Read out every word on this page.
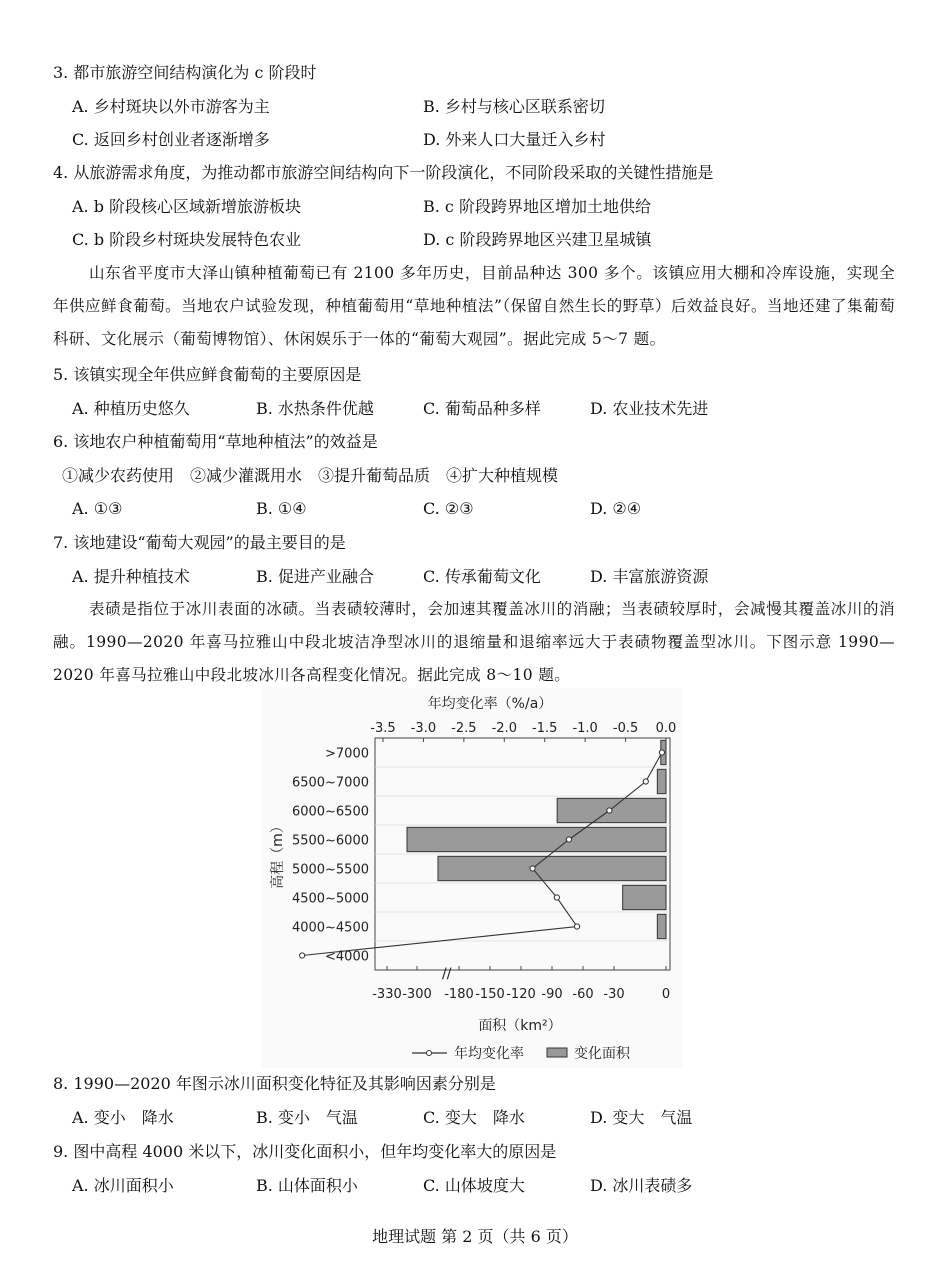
3. 都市旅游空间结构演化为 c 阶段时
A. 乡村斑块以外市游客为主	B. 乡村与核心区联系密切
C. 返回乡村创业者逐渐增多	D. 外来人口大量迁入乡村
4. 从旅游需求角度，为推动都市旅游空间结构向下一阶段演化，不同阶段采取的关键性措施是
A. b 阶段核心区域新增旅游板块	B. c 阶段跨界地区增加土地供给
C. b 阶段乡村斑块发展特色农业	D. c 阶段跨界地区兴建卫星城镇
山东省平度市大泽山镇种植葡萄已有 2100 多年历史，目前品种达 300 多个。该镇应用大棚和冷库设施，实现全年供应鲜食葡萄。当地农户试验发现，种植葡萄用“草地种植法”（保留自然生长的野草）后效益良好。当地还建了集葡萄科研、文化展示（葡萄博物馆）、休闲娱乐于一体的“葡萄大观园”。据此完成 5～7 题。
5. 该镇实现全年供应鲜食葡萄的主要原因是
A. 种植历史悠久	B. 水热条件优越	C. 葡萄品种多样	D. 农业技术先进
6. 该地农户种植葡萄用“草地种植法”的效益是
①减少农药使用　②减少灌溉用水　③提升葡萄品质　④扩大种植规模
A. ①③	B. ①④	C. ②③	D. ②④
7. 该地建设“葡萄大观园”的最主要目的是
A. 提升种植技术	B. 促进产业融合	C. 传承葡萄文化	D. 丰富旅游资源
表碛是指位于冰川表面的冰碛。当表碛较薄时，会加速其覆盖冰川的消融；当表碛较厚时，会减慢其覆盖冰川的消融。1990—2020 年喜马拉雅山中段北坡洁净型冰川的退缩量和退缩率远大于表碛物覆盖型冰川。下图示意 1990—2020 年喜马拉雅山中段北坡冰川各高程变化情况。据此完成 8～10 题。
年均变化率（%/a）
-3.5 -3.0 -2.5 -2.0 -1.5 -1.0 -0.5 0.0
>7000
6500~7000
6000~6500
5500~6000
5000~5500
4500~5000
4000~4500
<4000
-330 -300 -180 -150 -120 -90 -60 -30	0
//
高程（m）
面积（km²）
年均变化率	变化面积
8. 1990—2020 年图示冰川面积变化特征及其影响因素分别是
A. 变小　降水	B. 变小　气温	C. 变大　降水	D. 变大　气温
9. 图中高程 4000 米以下，冰川变化面积小，但年均变化率大的原因是
A. 冰川面积小	B. 山体面积小	C. 山体坡度大	D. 冰川表碛多
地理试题 第 2 页（共 6 页）
